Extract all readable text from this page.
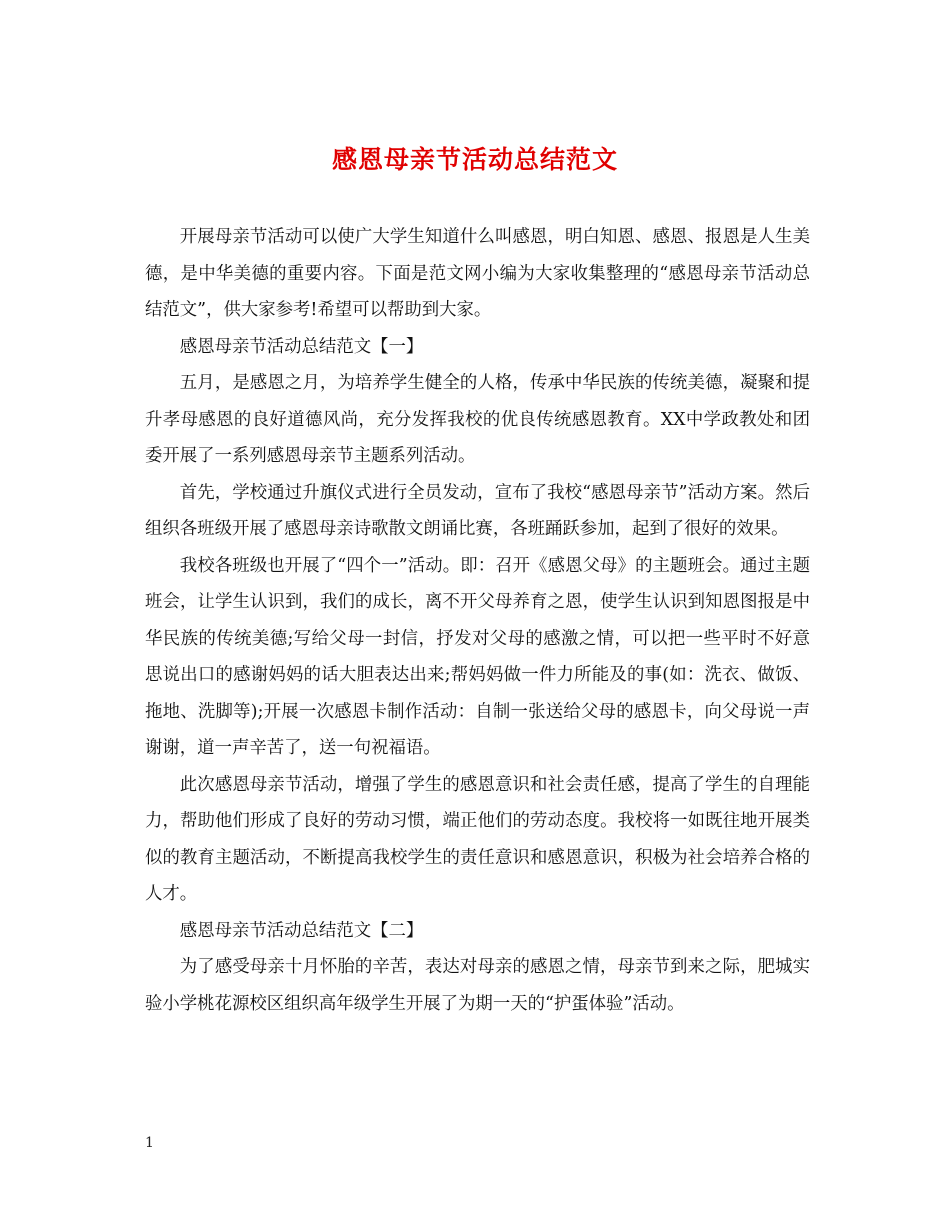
感恩母亲节活动总结范文

开展母亲节活动可以使广大学生知道什么叫感恩，明白知恩、感恩、报恩是人生美德，是中华美德的重要内容。下面是范文网小编为大家收集整理的“感恩母亲节活动总结范文”，供大家参考!希望可以帮助到大家。

感恩母亲节活动总结范文【一】

五月，是感恩之月，为培养学生健全的人格，传承中华民族的传统美德，凝聚和提升孝母感恩的良好道德风尚，充分发挥我校的优良传统感恩教育。XX中学政教处和团委开展了一系列感恩母亲节主题系列活动。

首先，学校通过升旗仪式进行全员发动，宣布了我校“感恩母亲节”活动方案。然后组织各班级开展了感恩母亲诗歌散文朗诵比赛，各班踊跃参加，起到了很好的效果。

我校各班级也开展了“四个一”活动。即：召开《感恩父母》的主题班会。通过主题班会，让学生认识到，我们的成长，离不开父母养育之恩，使学生认识到知恩图报是中华民族的传统美德;写给父母一封信，抒发对父母的感激之情，可以把一些平时不好意思说出口的感谢妈妈的话大胆表达出来;帮妈妈做一件力所能及的事(如：洗衣、做饭、拖地、洗脚等);开展一次感恩卡制作活动：自制一张送给父母的感恩卡，向父母说一声谢谢，道一声辛苦了，送一句祝福语。

此次感恩母亲节活动，增强了学生的感恩意识和社会责任感，提高了学生的自理能力，帮助他们形成了良好的劳动习惯，端正他们的劳动态度。我校将一如既往地开展类似的教育主题活动，不断提高我校学生的责任意识和感恩意识，积极为社会培养合格的人才。

感恩母亲节活动总结范文【二】

为了感受母亲十月怀胎的辛苦，表达对母亲的感恩之情，母亲节到来之际，肥城实验小学桃花源校区组织高年级学生开展了为期一天的“护蛋体验”活动。

1
